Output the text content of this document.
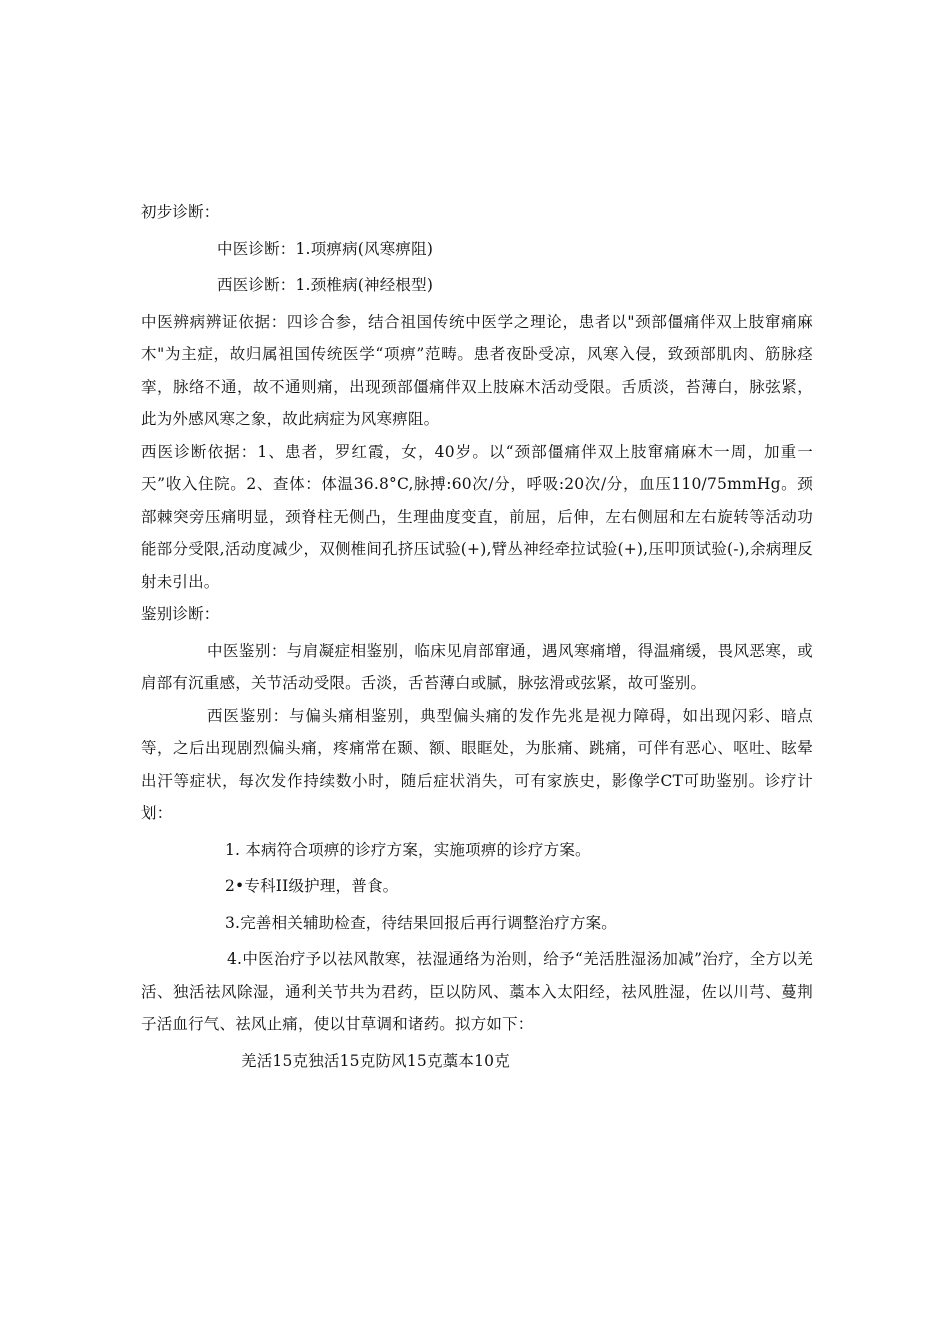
初步诊断：
中医诊断：1.项痹病(风寒痹阻)
西医诊断：1.颈椎病(神经根型)
中医辨病辨证依据：四诊合参，结合祖国传统中医学之理论，患者以"颈部僵痛伴双上肢窜痛麻木"为主症，故归属祖国传统医学“项痹”范畴。患者夜卧受凉，风寒入侵，致颈部肌肉、筋脉痉挛，脉络不通，故不通则痛，出现颈部僵痛伴双上肢麻木活动受限。舌质淡，苔薄白，脉弦紧，此为外感风寒之象，故此病症为风寒痹阻。
西医诊断依据：1、患者，罗红霞，女，40岁。以“颈部僵痛伴双上肢窜痛麻木一周，加重一天”收入住院。2、查体：体温36.8°C,脉搏:60次/分，呼吸:20次/分，血压110/75mmHg。颈部棘突旁压痛明显，颈脊柱无侧凸，生理曲度变直，前屈，后伸，左右侧屈和左右旋转等活动功能部分受限,活动度减少，双侧椎间孔挤压试验(+),臂丛神经牵拉试验(+),压叩顶试验(-),余病理反射未引出。
鉴别诊断：
中医鉴别：与肩凝症相鉴别，临床见肩部窜通，遇风寒痛增，得温痛缓，畏风恶寒，或肩部有沉重感，关节活动受限。舌淡，舌苔薄白或腻，脉弦滑或弦紧，故可鉴别。
西医鉴别：与偏头痛相鉴别，典型偏头痛的发作先兆是视力障碍，如出现闪彩、暗点等，之后出现剧烈偏头痛，疼痛常在颞、额、眼眶处，为胀痛、跳痛，可伴有恶心、呕吐、眩晕出汗等症状，每次发作持续数小时，随后症状消失，可有家族史，影像学CT可助鉴别。诊疗计划：
1. 本病符合项痹的诊疗方案，实施项痹的诊疗方案。
2•专科II级护理，普食。
3.完善相关辅助检查，待结果回报后再行调整治疗方案。
4.中医治疗予以祛风散寒，祛湿通络为治则，给予“羌活胜湿汤加减”治疗，全方以羌活、独活祛风除湿，通利关节共为君药，臣以防风、藁本入太阳经，祛风胜湿，佐以川芎、蔓荆子活血行气、祛风止痛，使以甘草调和诸药。拟方如下：
羌活15克独活15克防风15克藁本10克
